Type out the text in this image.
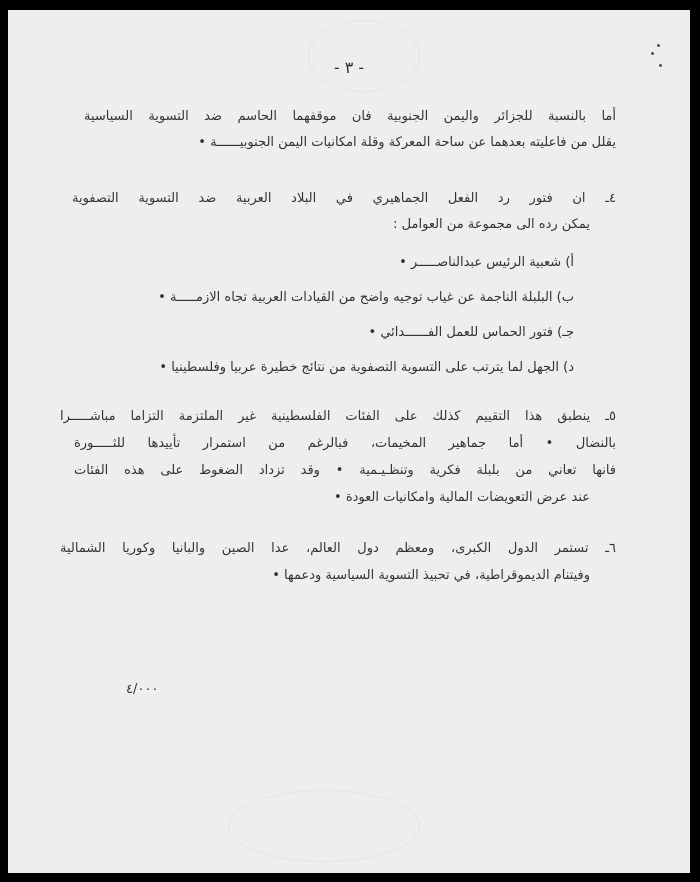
- ٣ -
أما بالنسبة للجزائر واليمن الجنوبية فان موقفهما الحاسم ضد التسوية السياسية
يقلل من فاعليته بعدهما عن ساحة المعركة وقلة امكانيات اليمن الجنوبيــــــة •
٤ـ ان فتور رد الفعل الجماهيري في البلاد العربية ضد التسوية التصفوية
يمكن رده الى مجموعة من العوامل :
أ) شعبية الرئيس عبدالناصـــــر •
ب) البلبلة الناجمة عن غياب توجيه واضح من القيادات العربية تجاه الازمـــــة •
جـ) فتور الحماس للعمل الفــــــدائي •
د) الجهل لما يترتب على التسوية التصفوية من نتائج خطيرة عربيا وفلسطينيا •
٥ـ ينطبق هذا التقييم كذلك على الفئات الفلسطينية غير الملتزمة التزاما مباشـــــرا
بالنضال • أما جماهير المخيمات، فبالرغم من استمرار تأييدها للثـــــورة
فانها تعاني من بلبلة فكرية وتنظـيـمية • وقد تزداد الضغوط على هذه الفئات
عند عرض التعويضات المالية وامكانيات العودة •
٦ـ تستمر الدول الكبرى، ومعظم دول العالم، عدا الصين والبانيا وكوريا الشمالية
وفيتنام الديموقراطية، في تحبيذ التسوية السياسية ودعمها •
٤/٠٠٠
